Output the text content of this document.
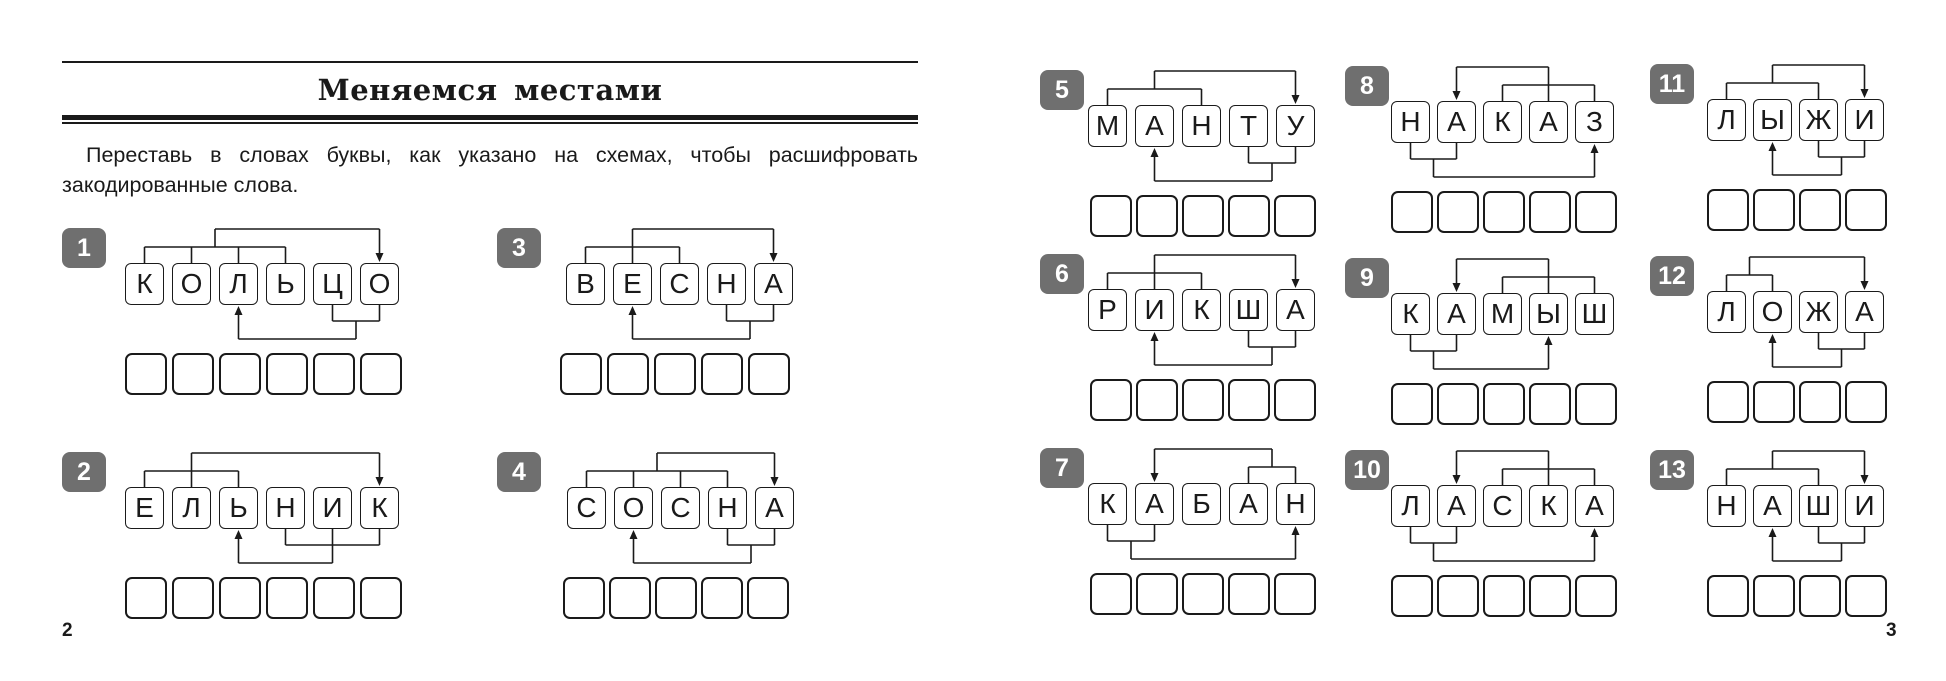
Меняемся местами
Переставь в словах буквы, как указано на схемах, чтобы расшифровать закодированные слова.
2	3
1
К О Л	Ь Ц О
2
Е	Л	Ь Н И	К
3
В	Е С Н А
4
С О С Н А
5
М А Н	Т	У
6
Р И	К Ш А
7
К	А	Б	А Н
8
Н А	К	А	З
9
К	А М Ы Ш
10
Л А С К	А
11
Л Ы Ж И
12
Л О Ж А
13
Н А Ш И
